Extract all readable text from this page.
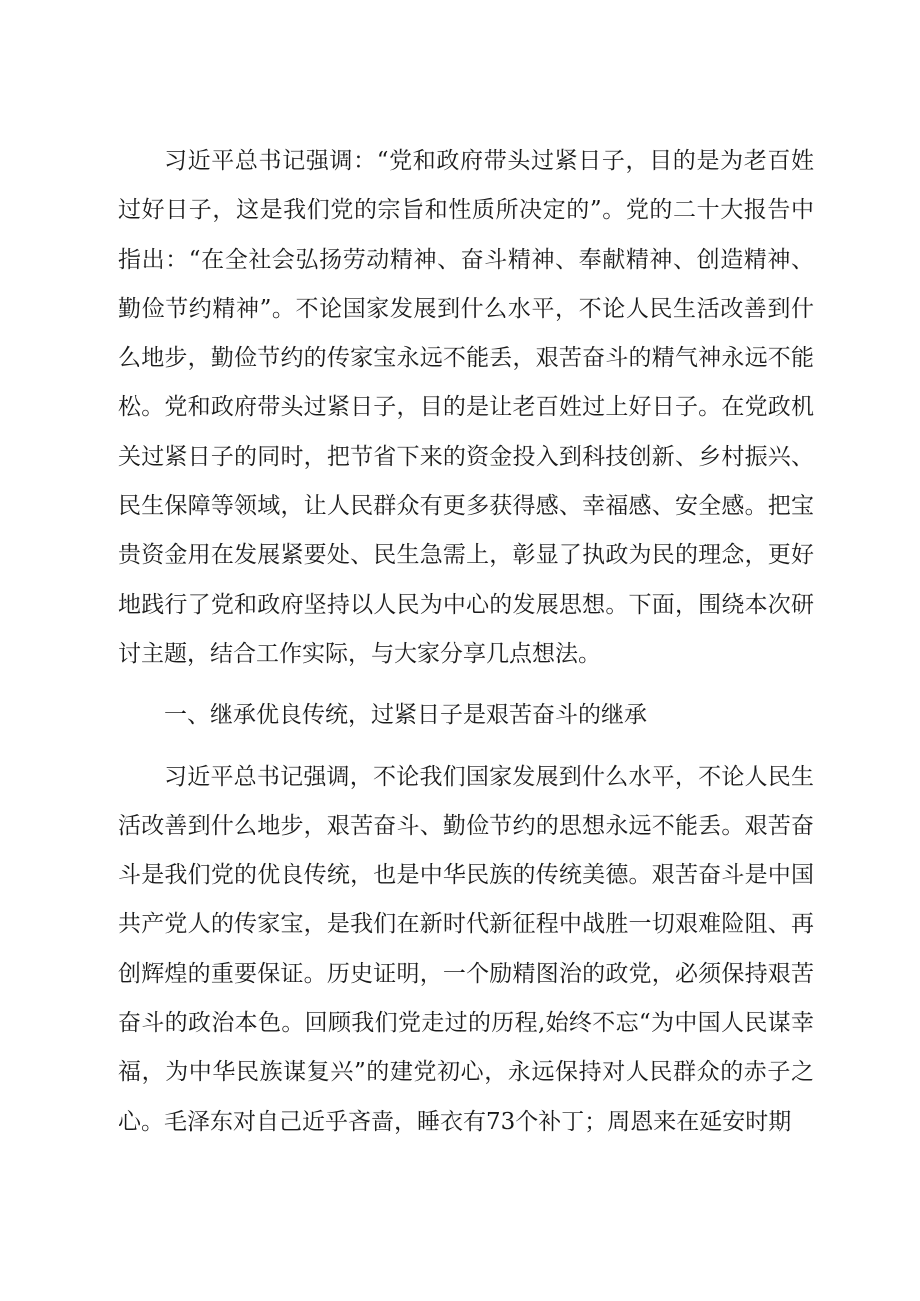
习近平总书记强调：“党和政府带头过紧日子，目的是为老百姓过好日子，这是我们党的宗旨和性质所决定的”。党的二十大报告中指出：“在全社会弘扬劳动精神、奋斗精神、奉献精神、创造精神、勤俭节约精神”。不论国家发展到什么水平，不论人民生活改善到什么地步，勤俭节约的传家宝永远不能丢，艰苦奋斗的精气神永远不能松。党和政府带头过紧日子，目的是让老百姓过上好日子。在党政机关过紧日子的同时，把节省下来的资金投入到科技创新、乡村振兴、民生保障等领域，让人民群众有更多获得感、幸福感、安全感。把宝贵资金用在发展紧要处、民生急需上，彰显了执政为民的理念，更好地践行了党和政府坚持以人民为中心的发展思想。下面，围绕本次研讨主题，结合工作实际，与大家分享几点想法。

一、继承优良传统，过紧日子是艰苦奋斗的继承

习近平总书记强调，不论我们国家发展到什么水平，不论人民生活改善到什么地步，艰苦奋斗、勤俭节约的思想永远不能丢。艰苦奋斗是我们党的优良传统，也是中华民族的传统美德。艰苦奋斗是中国共产党人的传家宝，是我们在新时代新征程中战胜一切艰难险阻、再创辉煌的重要保证。历史证明，一个励精图治的政党，必须保持艰苦奋斗的政治本色。回顾我们党走过的历程,始终不忘“为中国人民谋幸福，为中华民族谋复兴”的建党初心，永远保持对人民群众的赤子之心。毛泽东对自己近乎吝啬，睡衣有73个补丁；周恩来在延安时期
